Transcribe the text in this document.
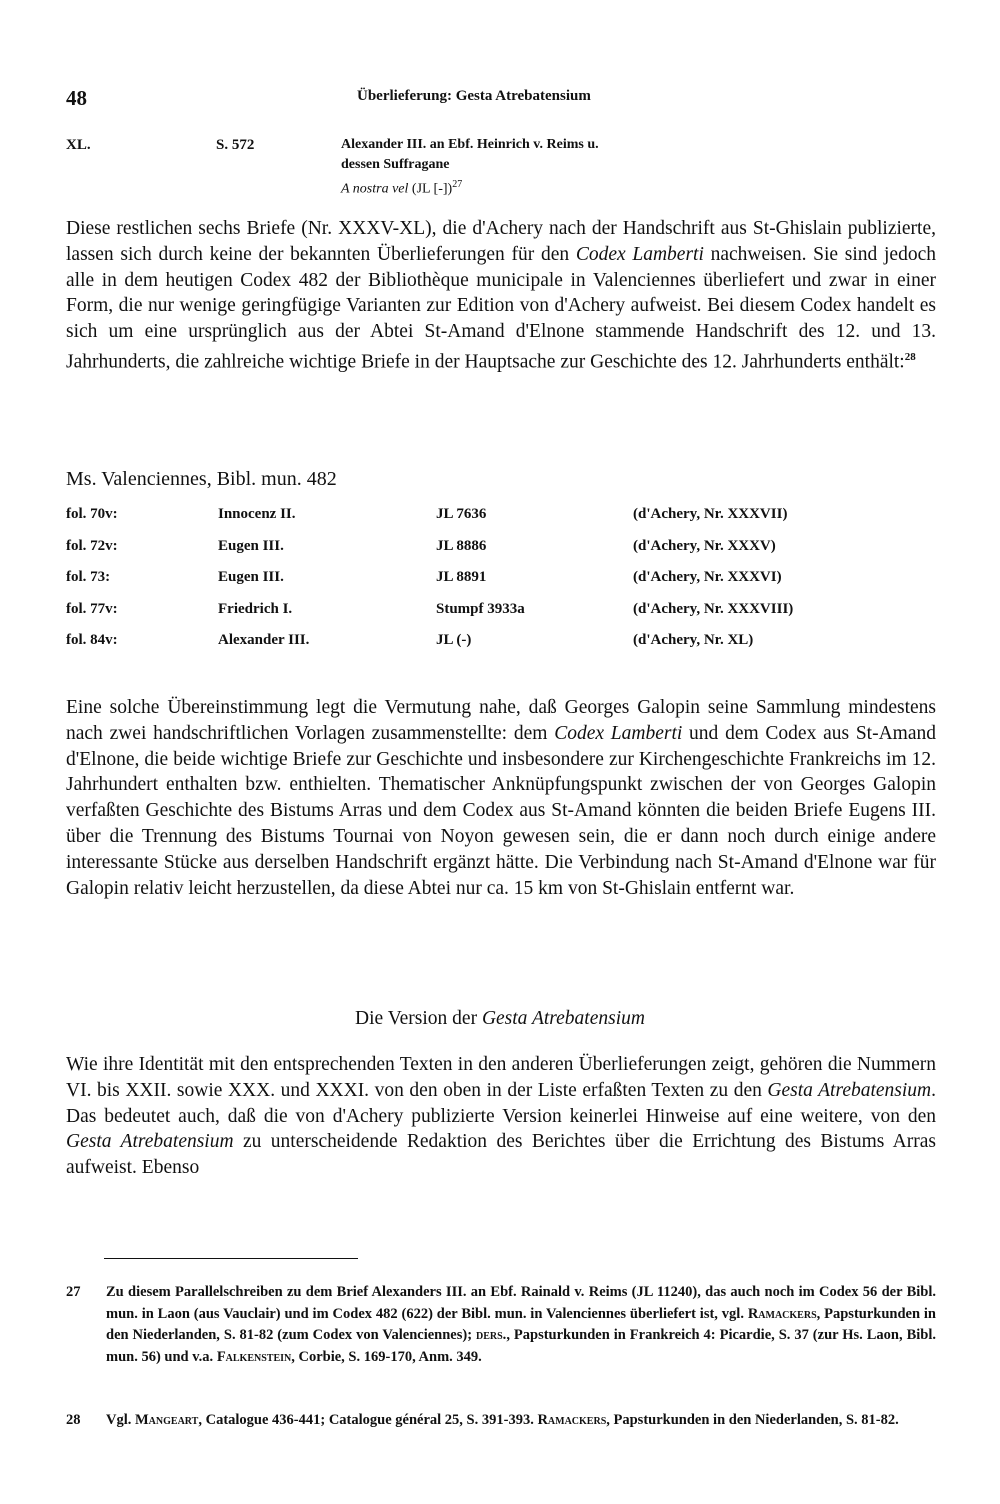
48	Überlieferung: Gesta Atrebatensium
XL.	S. 572	Alexander III. an Ebf. Heinrich v. Reims u.
dessen Suffragane
A nostra vel (JL [-])$^{27}$

Diese restlichen sechs Briefe (Nr. XXXV-XL), die d'Achery nach der Handschrift aus St-Ghislain publizierte, lassen sich durch keine der bekannten Überlieferungen für den Codex Lamberti nachweisen. Sie sind jedoch alle in dem heutigen Codex 482 der Bibliothèque municipale in Valenciennes überliefert und zwar in einer Form, die nur wenige geringfügige Varianten zur Edition von d'Achery aufweist. Bei diesem Codex handelt es sich um eine ursprünglich aus der Abtei St-Amand d'Elnone stammende Handschrift des 12. und 13. Jahrhunderts, die zahlreiche wichtige Briefe in der Hauptsache zur Geschichte des 12. Jahrhunderts enthält:$^{28}$

Ms. Valenciennes, Bibl. mun. 482
fol. 70v:	Innocenz II.	JL 7636	(d'Achery, Nr. XXXVII)
fol. 72v:	Eugen III.	JL 8886	(d'Achery, Nr. XXXV)
fol. 73:	Eugen III.	JL 8891	(d'Achery, Nr. XXXVI)
fol. 77v:	Friedrich I.	Stumpf 3933a	(d'Achery, Nr. XXXVIII)
fol. 84v:	Alexander III.	JL (-)	(d'Achery, Nr. XL)

Eine solche Übereinstimmung legt die Vermutung nahe, daß Georges Galopin seine Sammlung mindestens nach zwei handschriftlichen Vorlagen zusammenstellte: dem Codex Lamberti und dem Codex aus St-Amand d'Elnone, die beide wichtige Briefe zur Geschichte und insbesondere zur Kirchengeschichte Frankreichs im 12. Jahrhundert enthalten bzw. enthielten. Thematischer Anknüpfungspunkt zwischen der von Georges Galopin verfaßten Geschichte des Bistums Arras und dem Codex aus St-Amand könnten die beiden Briefe Eugens III. über die Trennung des Bistums Tournai von Noyon gewesen sein, die er dann noch durch einige andere interessante Stücke aus derselben Handschrift ergänzt hätte. Die Verbindung nach St-Amand d'Elnone war für Galopin relativ leicht herzustellen, da diese Abtei nur ca. 15 km von St-Ghislain entfernt war.

Die Version der Gesta Atrebatensium

Wie ihre Identität mit den entsprechenden Texten in den anderen Überlieferungen zeigt, gehören die Nummern VI. bis XXII. sowie XXX. und XXXI. von den oben in der Liste erfaßten Texten zu den Gesta Atrebatensium. Das bedeutet auch, daß die von d'Achery publizierte Version keinerlei Hinweise auf eine weitere, von den Gesta Atrebatensium zu unterscheidende Redaktion des Berichtes über die Errichtung des Bistums Arras aufweist. Ebenso

27 Zu diesem Parallelschreiben zu dem Brief Alexanders III. an Ebf. Rainald v. Reims (JL 11240), das auch noch im Codex 56 der Bibl. mun. in Laon (aus Vauclair) und im Codex 482 (622) der Bibl. mun. in Valenciennes überliefert ist, vgl. Ramackers, Papsturkunden in den Niederlanden, S. 81-82 (zum Codex von Valenciennes); ders., Papsturkunden in Frankreich 4: Picardie, S. 37 (zur Hs. Laon, Bibl. mun. 56) und v.a. Falkenstein, Corbie, S. 169-170, Anm. 349.
28 Vgl. Mangeart, Catalogue 436-441; Catalogue général 25, S. 391-393. Ramackers, Papsturkunden in den Niederlanden, S. 81-82.
